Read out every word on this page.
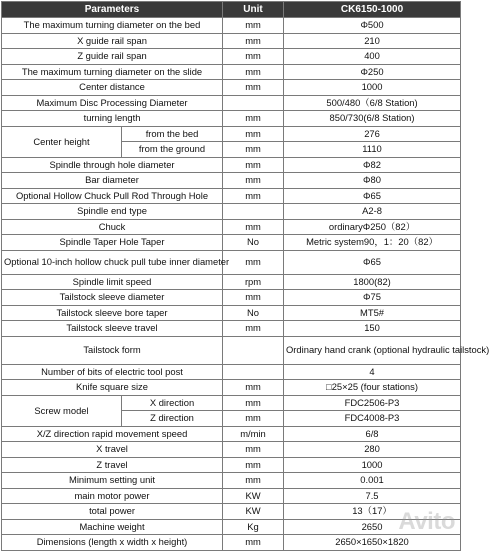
Parameters		Unit	CK6150-1000
The maximum turning diameter on the bed		mm	Φ500
X guide rail span		mm	210
Z guide rail span		mm	400
The maximum turning diameter on the slide		mm	Φ250
Center distance		mm	1000
Maximum Disc Processing Diameter			500/480（6/8 Station)
turning length		mm	850/730(6/8 Station)
Center height	from the bed	mm	276
	from the ground	mm	1110
Spindle through hole diameter		mm	Φ82
Bar diameter		mm	Φ80
Optional Hollow Chuck Pull Rod Through Hole		mm	Φ65
Spindle end type			A2-8
Chuck		mm	ordinaryΦ250（82）
Spindle Taper Hole Taper		No	Metric system90，1：20（82）
Optional 10-inch hollow chuck pull tube inner diameter		mm	Φ65
Spindle limit speed		rpm	1800(82)
Tailstock sleeve diameter		mm	Φ75
Tailstock sleeve bore taper		No	MT5#
Tailstock sleeve travel		mm	150
Tailstock form			Ordinary hand crank (optional hydraulic tailstock)
Number of bits of electric tool post			4
Knife square size		mm	□25×25 (four stations)
Screw model	X direction	mm	FDC2506-P3
	Z direction	mm	FDC4008-P3
X/Z direction rapid movement speed		m/min	6/8
X travel		mm	280
Z travel		mm	1000
Minimum setting unit		mm	0.001
main motor power		KW	7.5
total power		KW	13（17）
Machine weight		Kg	2650
Dimensions (length x width x height)		mm	2650×1650×1820
Avito
